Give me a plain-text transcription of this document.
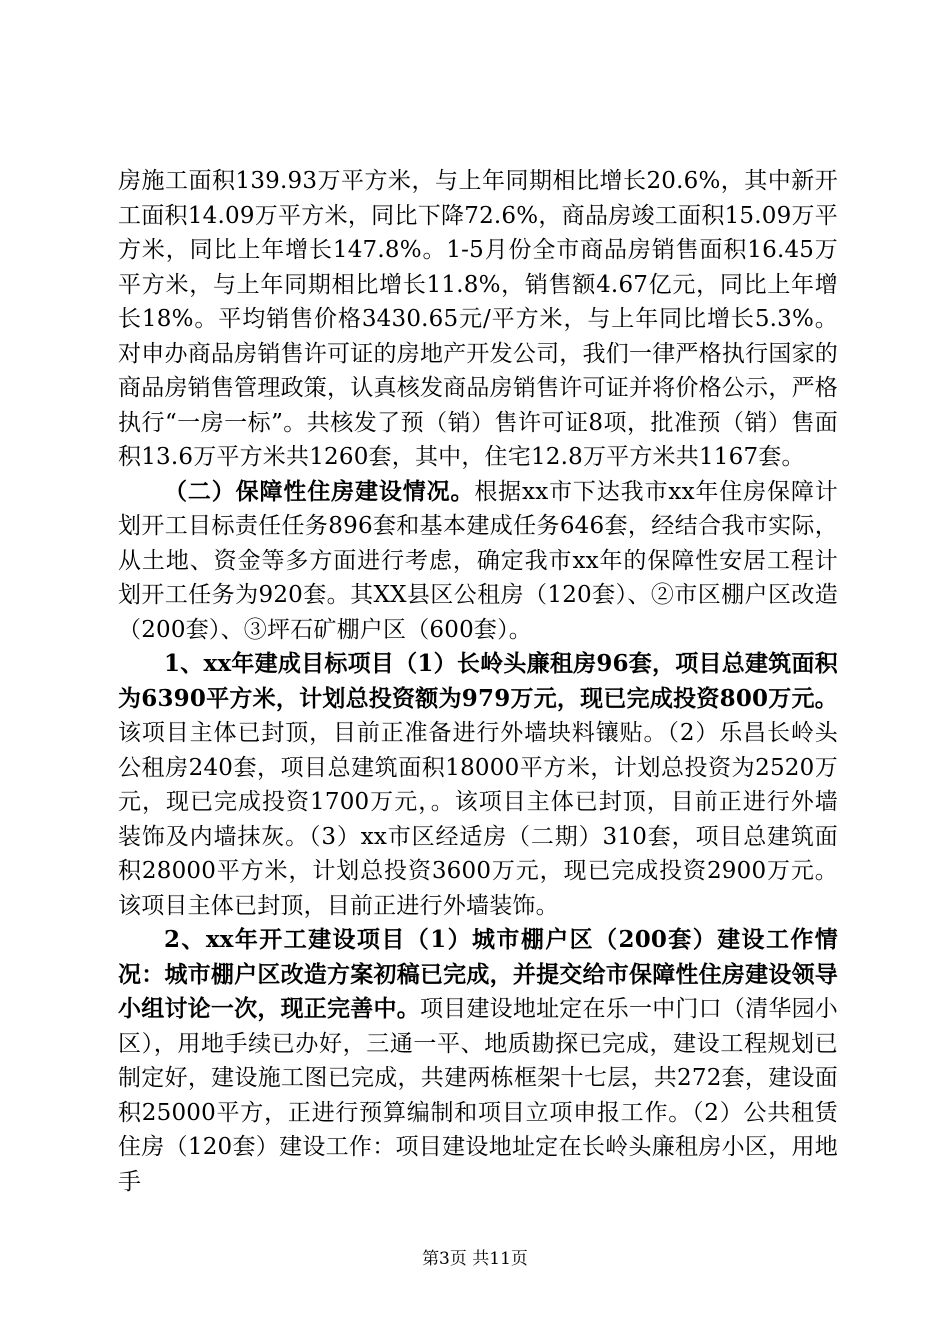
房施工面积139.93万平方米，与上年同期相比增长20.6%，其中新开工面积14.09万平方米，同比下降72.6%，商品房竣工面积15.09万平方米，同比上年增长147.8%。1-5月份全市商品房销售面积16.45万平方米，与上年同期相比增长11.8%，销售额4.67亿元，同比上年增长18%。平均销售价格3430.65元/平方米，与上年同比增长5.3%。对申办商品房销售许可证的房地产开发公司，我们一律严格执行国家的商品房销售管理政策，认真核发商品房销售许可证并将价格公示，严格执行“一房一标”。共核发了预（销）售许可证8项，批准预（销）售面积13.6万平方米共1260套，其中，住宅12.8万平方米共1167套。

（二）保障性住房建设情况。根据xx市下达我市xx年住房保障计划开工目标责任任务896套和基本建成任务646套，经结合我市实际，从土地、资金等多方面进行考虑，确定我市xx年的保障性安居工程计划开工任务为920套。其XX县区公租房（120套）、②市区棚户区改造（200套）、③坪石矿棚户区（600套）。

1、xx年建成目标项目（1）长岭头廉租房96套，项目总建筑面积为6390平方米，计划总投资额为979万元，现已完成投资800万元。该项目主体已封顶，目前正准备进行外墙块料镶贴。（2）乐昌长岭头公租房240套，项目总建筑面积18000平方米，计划总投资为2520万元，现已完成投资1700万元，。该项目主体已封顶，目前正进行外墙装饰及内墙抹灰。（3）xx市区经适房（二期）310套，项目总建筑面积28000平方米，计划总投资3600万元，现已完成投资2900万元。该项目主体已封顶，目前正进行外墙装饰。

2、xx年开工建设项目（1）城市棚户区（200套）建设工作情况：城市棚户区改造方案初稿已完成，并提交给市保障性住房建设领导小组讨论一次，现正完善中。项目建设地址定在乐一中门口（清华园小区），用地手续已办好，三通一平、地质勘探已完成，建设工程规划已制定好，建设施工图已完成，共建两栋框架十七层，共272套，建设面积25000平方，正进行预算编制和项目立项申报工作。（2）公共租赁住房（120套）建设工作：项目建设地址定在长岭头廉租房小区，用地手

第3页 共11页
